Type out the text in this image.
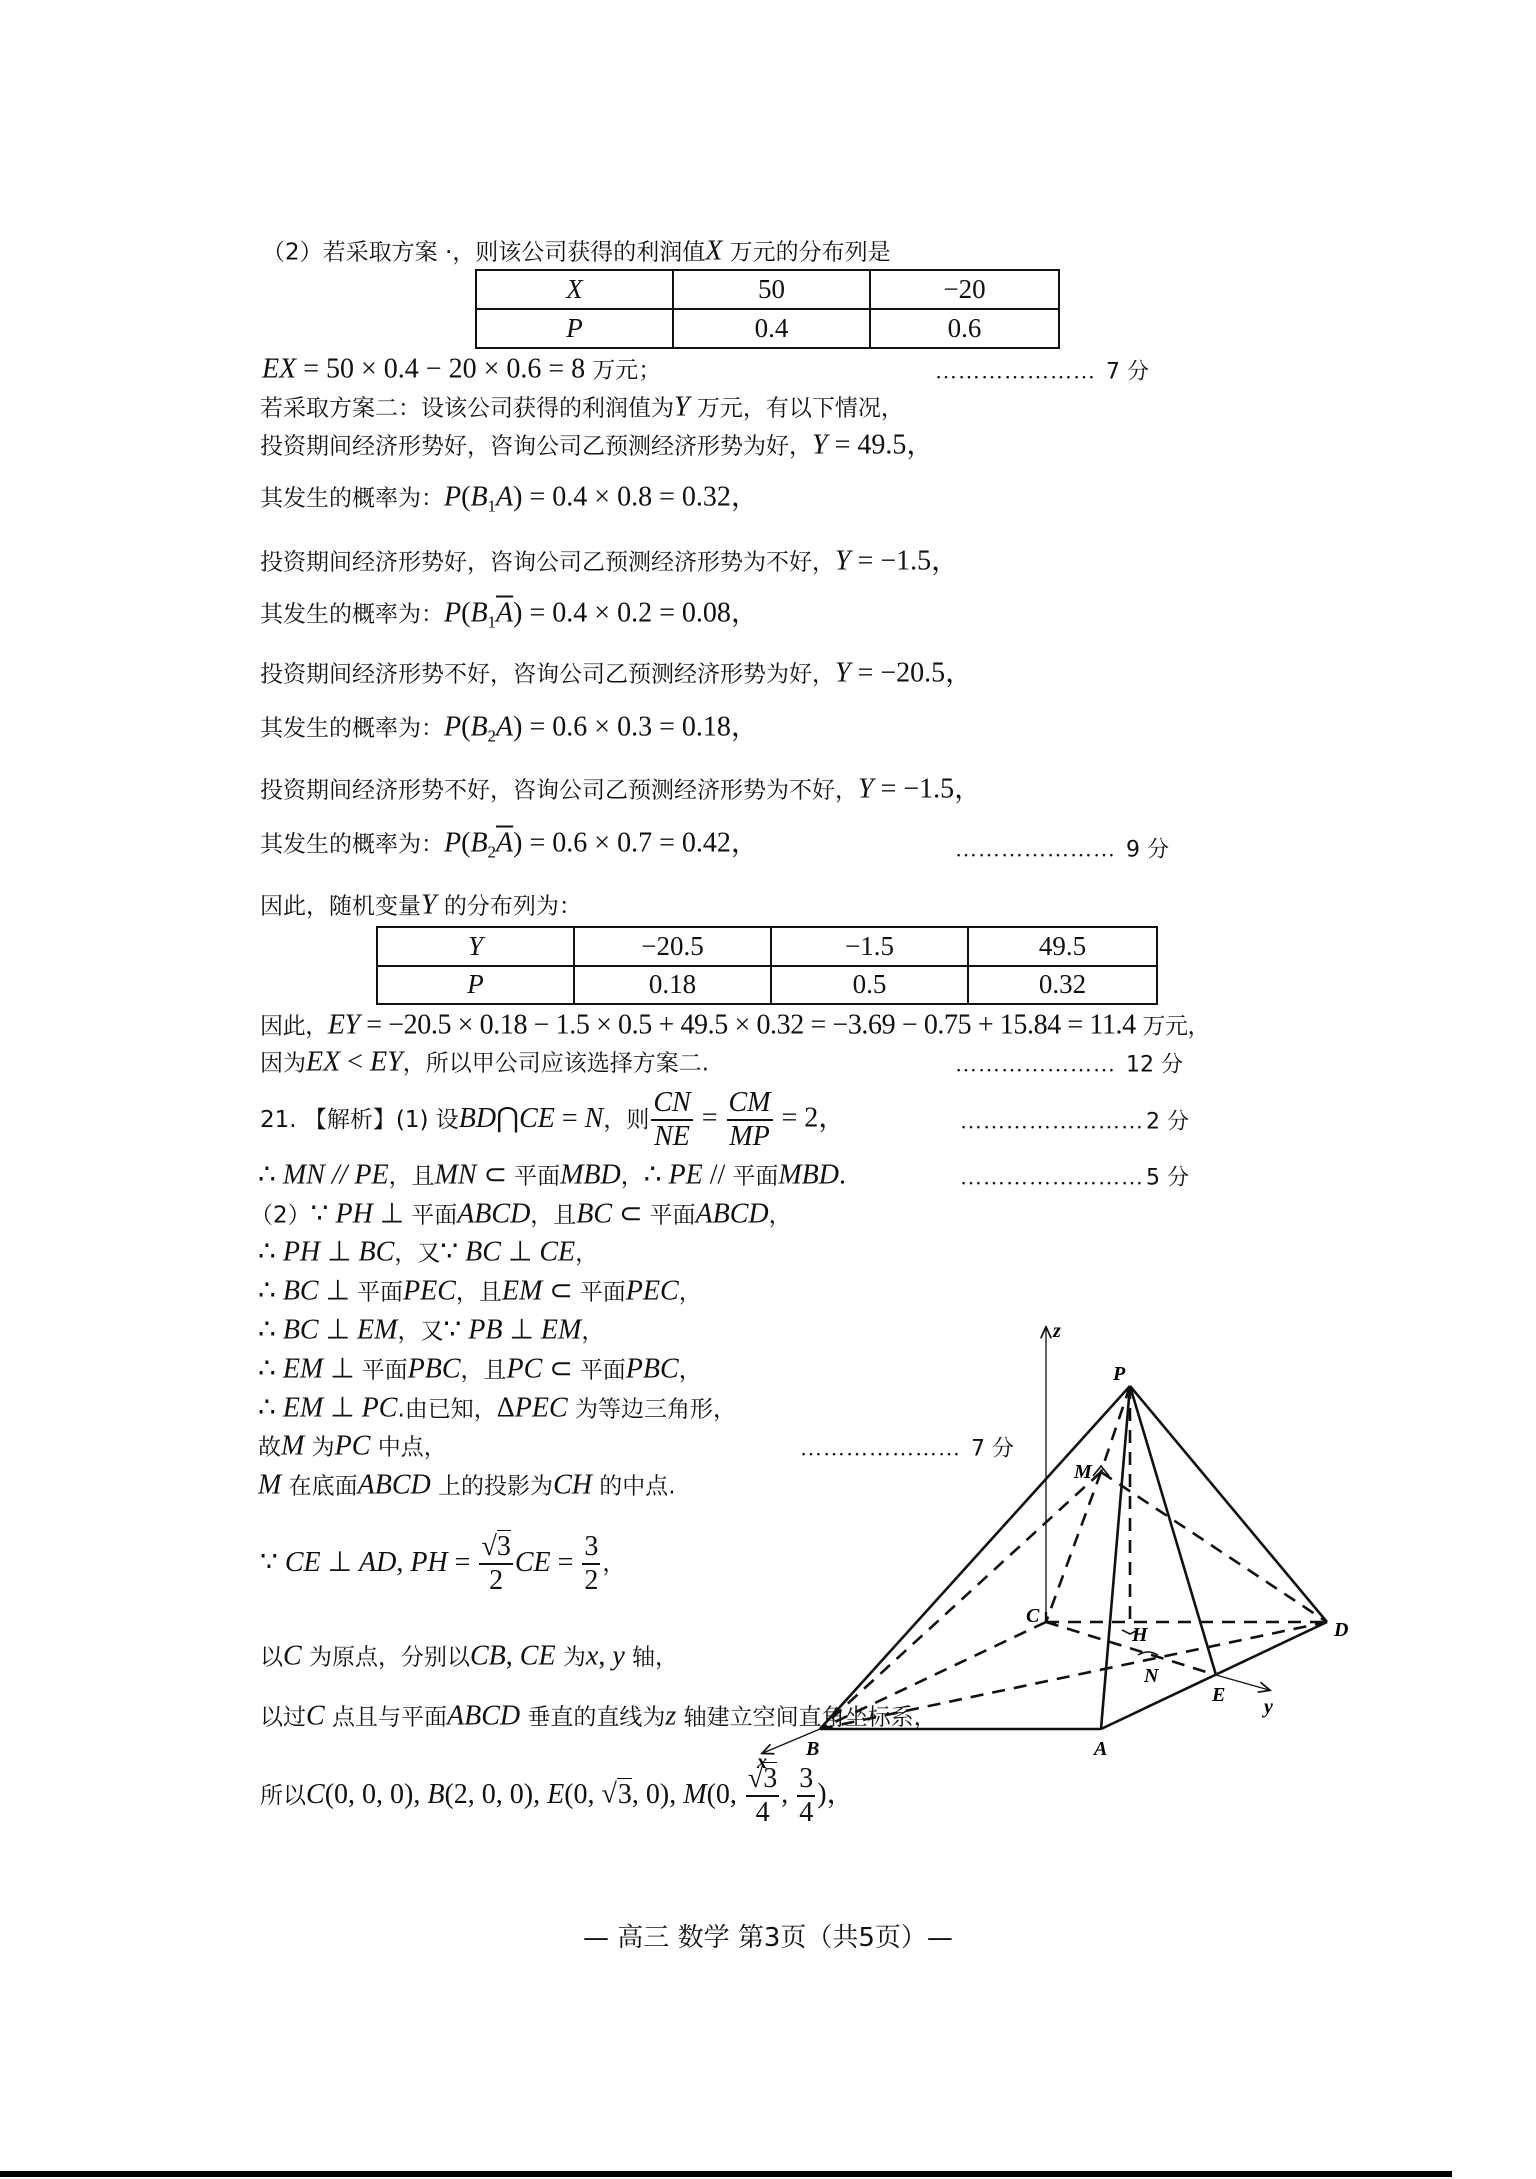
（2）若采取方案 ·，则该公司获得的利润值X 万元的分布列是
X	50	−20
P	0.4	0.6
EX = 50 × 0.4 − 20 × 0.6 = 8 万元；	………………… 7 分
若采取方案二：设该公司获得的利润值为Y 万元，有以下情况，
投资期间经济形势好，咨询公司乙预测经济形势为好，Y = 49.5，
其发生的概率为：$P(B_1A) = 0.4 \times 0.8 = 0.32$，
投资期间经济形势好，咨询公司乙预测经济形势为不好，Y = −1.5，
其发生的概率为：$P(B_1\overline{A}) = 0.4 \times 0.2 = 0.08$，
投资期间经济形势不好，咨询公司乙预测经济形势为好，Y = −20.5，
其发生的概率为：$P(B_2A) = 0.6 \times 0.3 = 0.18$，
投资期间经济形势不好，咨询公司乙预测经济形势为不好，Y = −1.5，
其发生的概率为：$P(B_2\overline{A}) = 0.6 \times 0.7 = 0.42$，	………………… 9 分
因此，随机变量Y 的分布列为：
Y	−20.5	−1.5	49.5
P	0.18	0.5	0.32
因此，EY = −20.5 × 0.18 − 1.5 × 0.5 + 49.5 × 0.32 = −3.69 − 0.75 + 15.84 = 11.4 万元，
因为EX < EY，所以甲公司应该选择方案二.	………………… 12 分
21. 【解析】(1) 设BD⋂CE = N，则 $\frac{CN}{NE} = \frac{CM}{MP} = 2$，	……………………2 分
∴ MN // PE，且MN ⊂ 平面MBD，∴ PE // 平面MBD.	……………………5 分
（2）∵ PH ⊥ 平面ABCD，且BC ⊂ 平面ABCD，
∴ PH ⊥ BC，又∵ BC ⊥ CE，
∴ BC ⊥ 平面PEC，且EM ⊂ 平面PEC，
∴ BC ⊥ EM，又∵ PB ⊥ EM，
∴ EM ⊥ 平面PBC，且PC ⊂ 平面PBC，
∴ EM ⊥ PC.由已知，ΔPEC 为等边三角形，
故M 为PC 中点，
M 在底面ABCD 上的投影为CH 的中点.
………………… 7 分
∵ CE ⊥ AD, PH = $\frac{√3}{2}$ CE = $\frac{3}{2}$ ，
以C 为原点，分别以CB, CE 为x, y 轴，
以过C 点且与平面ABCD 垂直的直线为z 轴建立空间直角坐标系，
所以C(0, 0, 0), B(2, 0, 0), E(0, √3, 0), M(0, $\frac{√3}{4}$ , $\frac{3}{4}$ )，
z
P
M
C
H	D
N
E
y
A
B
x
— 高三 数学 第3页（共5页）—
